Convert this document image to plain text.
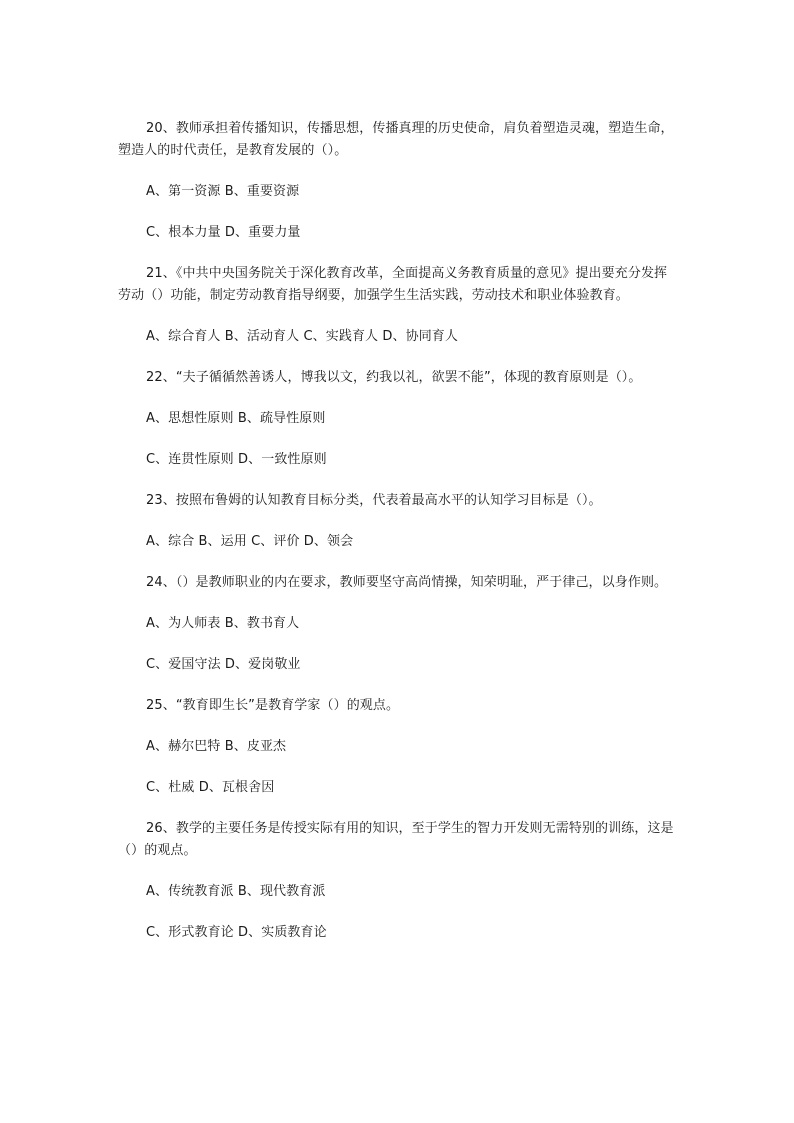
20、教师承担着传播知识，传播思想，传播真理的历史使命，肩负着塑造灵魂，塑造生命，塑造人的时代责任，是教育发展的（）。

A、第一资源 B、重要资源

C、根本力量 D、重要力量

21、《中共中央国务院关于深化教育改革，全面提高义务教育质量的意见》提出要充分发挥劳动（）功能，制定劳动教育指导纲要，加强学生生活实践，劳动技术和职业体验教育。

A、综合育人 B、活动育人 C、实践育人 D、协同育人

22、“夫子循循然善诱人，博我以文，约我以礼，欲罢不能”，体现的教育原则是（）。

A、思想性原则 B、疏导性原则

C、连贯性原则 D、一致性原则

23、按照布鲁姆的认知教育目标分类，代表着最高水平的认知学习目标是（）。

A、综合 B、运用 C、评价 D、领会

24、（）是教师职业的内在要求，教师要坚守高尚情操，知荣明耻，严于律己，以身作则。

A、为人师表 B、教书育人

C、爱国守法 D、爱岗敬业

25、“教育即生长”是教育学家（）的观点。

A、赫尔巴特 B、皮亚杰

C、杜威 D、瓦根舍因

26、教学的主要任务是传授实际有用的知识，至于学生的智力开发则无需特别的训练，这是（）的观点。

A、传统教育派 B、现代教育派

C、形式教育论 D、实质教育论
